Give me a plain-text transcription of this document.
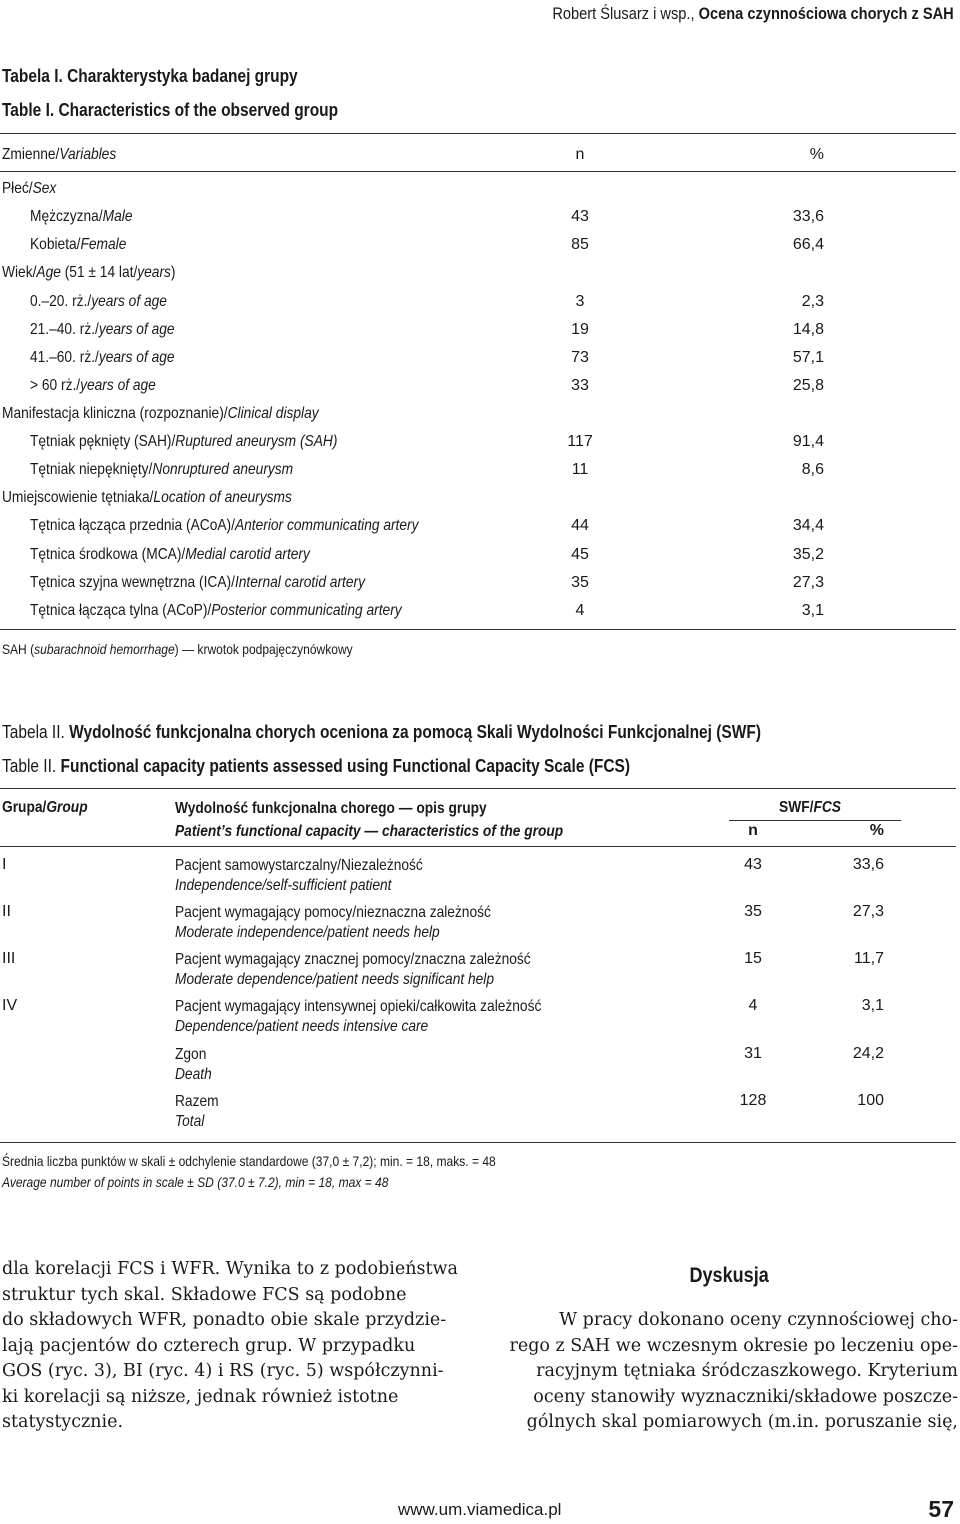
Robert Ślusarz i wsp., Ocena czynnościowa chorych z SAH
Tabela I. Charakterystyka badanej grupy
Table I. Characteristics of the observed group
Zmienne/Variables	n	%
Płeć/Sex
Mężczyzna/Male	43	33,6
Kobieta/Female	85	66,4
Wiek/Age (51 ± 14 lat/years)
0.–20. rż./years of age	3	2,3
21.–40. rż./years of age	19	14,8
41.–60. rż./years of age	73	57,1
> 60 rż./years of age	33	25,8
Manifestacja kliniczna (rozpoznanie)/Clinical display
Tętniak pęknięty (SAH)/Ruptured aneurysm (SAH)	117	91,4
Tętniak niepęknięty/Nonruptured aneurysm	11	8,6
Umiejscowienie tętniaka/Location of aneurysms
Tętnica łącząca przednia (ACoA)/Anterior communicating artery	44	34,4
Tętnica środkowa (MCA)/Medial carotid artery	45	35,2
Tętnica szyjna wewnętrzna (ICA)/Internal carotid artery	35	27,3
Tętnica łącząca tylna (ACoP)/Posterior communicating artery	4	3,1
SAH (subarachnoid hemorrhage) — krwotok podpajęczynówkowy
Tabela II. Wydolność funkcjonalna chorych oceniona za pomocą Skali Wydolności Funkcjonalnej (SWF)
Table II. Functional capacity patients assessed using Functional Capacity Scale (FCS)
Grupa/Group	Wydolność funkcjonalna chorego — opis grupy
Patient’s functional capacity — characteristics of the group
SWF/FCS
n	%
I	Pacjent samowystarczalny/Niezależność
Independence/self-sufficient patient
43	33,6
II	Pacjent wymagający pomocy/nieznaczna zależność
Moderate independence/patient needs help
35	27,3
III	Pacjent wymagający znacznej pomocy/znaczna zależność
Moderate dependence/patient needs significant help
15	11,7
IV	Pacjent wymagający intensywnej opieki/całkowita zależność
Dependence/patient needs intensive care
4	3,1
Zgon
Death
31	24,2
Razem
Total
128	100
Średnia liczba punktów w skali ± odchylenie standardowe (37,0 ± 7,2); min. = 18, maks. = 48
Average number of points in scale ± SD (37.0 ± 7.2), min = 18, max = 48
dla korelacji FCS i WFR. Wynika to z podobieństwa
struktur tych skal. Składowe FCS są podobne
do składowych WFR, ponadto obie skale przydzie-
lają pacjentów do czterech grup. W przypadku
GOS (ryc. 3), BI (ryc. 4) i RS (ryc. 5) współczynni-
ki korelacji są niższe, jednak również istotne
statystycznie.
Dyskusja
W pracy dokonano oceny czynnościowej cho-
rego z SAH we wczesnym okresie po leczeniu ope-
racyjnym tętniaka śródczaszkowego. Kryterium
oceny stanowiły wyznaczniki/składowe poszcze-
gólnych skal pomiarowych (m.in. poruszanie się,
www.um.viamedica.pl	57
